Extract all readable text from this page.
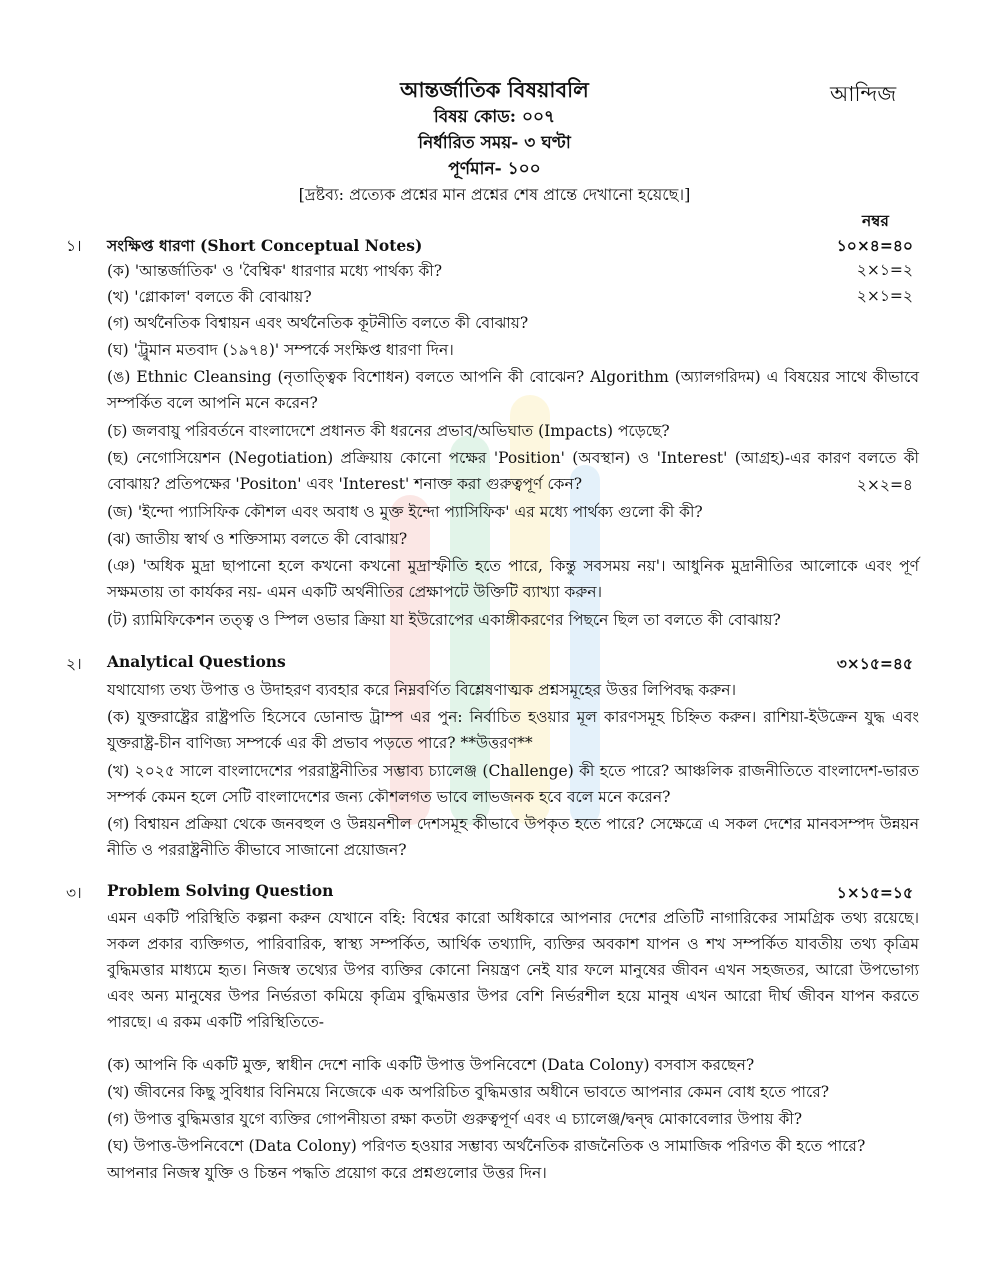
আন্দিজ
আন্তর্জাতিক বিষয়াবলি
বিষয় কোড: ০০৭
নির্ধারিত সময়- ৩ ঘণ্টা
পূর্ণমান- ১০০
[দ্রষ্টব্য: প্রত্যেক প্রশ্নের মান প্রশ্নের শেষ প্রান্তে দেখানো হয়েছে।]
নম্বর
১। সংক্ষিপ্ত ধারণা (Short Conceptual Notes)	১০×৪=৪০
(ক) 'আন্তর্জাতিক' ও 'বৈশ্বিক' ধারণার মধ্যে পার্থক্য কী?	২×১=২
(খ) 'গ্লোকাল' বলতে কী বোঝায়?	২×১=২
(গ) অর্থনৈতিক বিশ্বায়ন এবং অর্থনৈতিক কূটনীতি বলতে কী বোঝায়?
(ঘ) 'ট্রুমান মতবাদ (১৯৭৪)' সম্পর্কে সংক্ষিপ্ত ধারণা দিন।
(ঙ) Ethnic Cleansing (নৃতাত্ত্বিক বিশোধন) বলতে আপনি কী বোঝেন? Algorithm (অ্যালগরিদম) এ বিষয়ের সাথে কীভাবে সম্পর্কিত বলে আপনি মনে করেন?
(চ) জলবায়ু পরিবর্তনে বাংলাদেশে প্রধানত কী ধরনের প্রভাব/অভিঘাত (Impacts) পড়েছে?
(ছ) নেগোসিয়েশন (Negotiation) প্রক্রিয়ায় কোনো পক্ষের 'Position' (অবস্থান) ও 'Interest' (আগ্রহ)-এর কারণ বলতে কী বোঝায়? প্রতিপক্ষের 'Positon' এবং 'Interest' শনাক্ত করা গুরুত্বপূর্ণ কেন?	২×২=৪
(জ) 'ইন্দো প্যাসিফিক কৌশল এবং অবাধ ও মুক্ত ইন্দো প্যাসিফিক' এর মধ্যে পার্থক্য গুলো কী কী?
(ঝ) জাতীয় স্বার্থ ও শক্তিসাম্য বলতে কী বোঝায়?
(ঞ) 'অধিক মুদ্রা ছাপানো হলে কখনো কখনো মুদ্রাস্ফীতি হতে পারে, কিন্তু সবসময় নয়'। আধুনিক মুদ্রানীতির আলোকে এবং পূর্ণ সক্ষমতায় তা কার্যকর নয়- এমন একটি অর্থনীতির প্রেক্ষাপটে উক্তিটি ব্যাখ্যা করুন।
(ট) র‍্যামিফিকেশন তত্ত্ব ও স্পিল ওভার ক্রিয়া যা ইউরোপের একাঙ্গীকরণের পিছনে ছিল তা বলতে কী বোঝায়?
২। Analytical Questions	৩×১৫=৪৫
যথাযোগ্য তথ্য উপাত্ত ও উদাহরণ ব্যবহার করে নিম্নবর্ণিত বিশ্লেষণাত্মক প্রশ্নসমূহের উত্তর লিপিবদ্ধ করুন।
(ক) যুক্তরাষ্ট্রের রাষ্ট্রপতি হিসেবে ডোনাল্ড ট্রাম্প এর পুন: নির্বাচিত হওয়ার মূল কারণসমূহ চিহ্নিত করুন। রাশিয়া-ইউক্রেন যুদ্ধ এবং যুক্তরাষ্ট্র-চীন বাণিজ্য সম্পর্কে এর কী প্রভাব পড়তে পারে? **উত্তরণ**
(খ) ২০২৫ সালে বাংলাদেশের পররাষ্ট্রনীতির সম্ভাব্য চ্যালেঞ্জ (Challenge) কী হতে পারে? আঞ্চলিক রাজনীতিতে বাংলাদেশ-ভারত সম্পর্ক কেমন হলে সেটি বাংলাদেশের জন্য কৌশলগত ভাবে লাভজনক হবে বলে মনে করেন?
(গ) বিশ্বায়ন প্রক্রিয়া থেকে জনবহুল ও উন্নয়নশীল দেশসমূহ কীভাবে উপকৃত হতে পারে? সেক্ষেত্রে এ সকল দেশের মানবসম্পদ উন্নয়ন নীতি ও পররাষ্ট্রনীতি কীভাবে সাজানো প্রয়োজন?
৩। Problem Solving Question	১×১৫=১৫
এমন একটি পরিস্থিতি কল্পনা করুন যেখানে বহি: বিশ্বের কারো অধিকারে আপনার দেশের প্রতিটি নাগারিকের সামগ্রিক তথ্য রয়েছে। সকল প্রকার ব্যক্তিগত, পারিবারিক, স্বাস্থ্য সম্পর্কিত, আর্থিক তথ্যাদি, ব্যক্তির অবকাশ যাপন ও শখ সম্পর্কিত যাবতীয় তথ্য কৃত্রিম বুদ্ধিমত্তার মাধ্যমে হৃত। নিজস্ব তথ্যের উপর ব্যক্তির কোনো নিয়ন্ত্রণ নেই যার ফলে মানুষের জীবন এখন সহজতর, আরো উপভোগ্য এবং অন্য মানুষের উপর নির্ভরতা কমিয়ে কৃত্রিম বুদ্ধিমত্তার উপর বেশি নির্ভরশীল হয়ে মানুষ এখন আরো দীর্ঘ জীবন যাপন করতে পারছে। এ রকম একটি পরিস্থিতিতে-
(ক) আপনি কি একটি মুক্ত, স্বাধীন দেশে নাকি একটি উপাত্ত উপনিবেশে (Data Colony) বসবাস করছেন?
(খ) জীবনের কিছু সুবিধার বিনিময়ে নিজেকে এক অপরিচিত বুদ্ধিমত্তার অধীনে ভাবতে আপনার কেমন বোধ হতে পারে?
(গ) উপাত্ত বুদ্ধিমত্তার যুগে ব্যক্তির গোপনীয়তা রক্ষা কতটা গুরুত্বপূর্ণ এবং এ চ্যালেঞ্জ/দ্বন্দ্ব মোকাবেলার উপায় কী?
(ঘ) উপাত্ত-উপনিবেশে (Data Colony) পরিণত হওয়ার সম্ভাব্য অর্থনৈতিক রাজনৈতিক ও সামাজিক পরিণত কী হতে পারে?
আপনার নিজস্ব যুক্তি ও চিন্তন পদ্ধতি প্রয়োগ করে প্রশ্নগুলোর উত্তর দিন।
